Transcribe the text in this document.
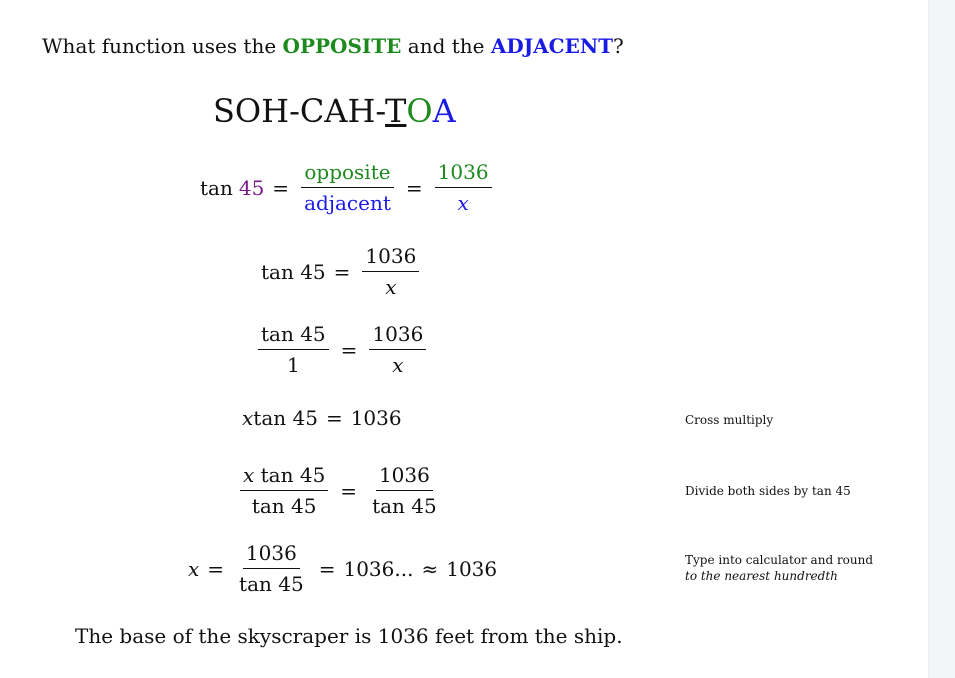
What function uses the OPPOSITE and the ADJACENT?
SOH-CAH-TOA
$\tan 45 = \frac{\text{opposite}}{\text{adjacent}} = \frac{1036}{x}$
$\tan 45 = \frac{1036}{x}$
$\frac{\tan 45}{1} = \frac{1036}{x}$
x tan 45 = 1036	Cross multiply
$\frac{\text{x tan 45}}{\tan 45} = \frac{1036}{\tan 45}$	Divide both sides by tan 45
$x = \frac{1036}{\tan 45} = 1036$... ≈ 1036	Type into calculator and round to the nearest hundredth
The base of the skyscraper is 1036 feet from the ship.
